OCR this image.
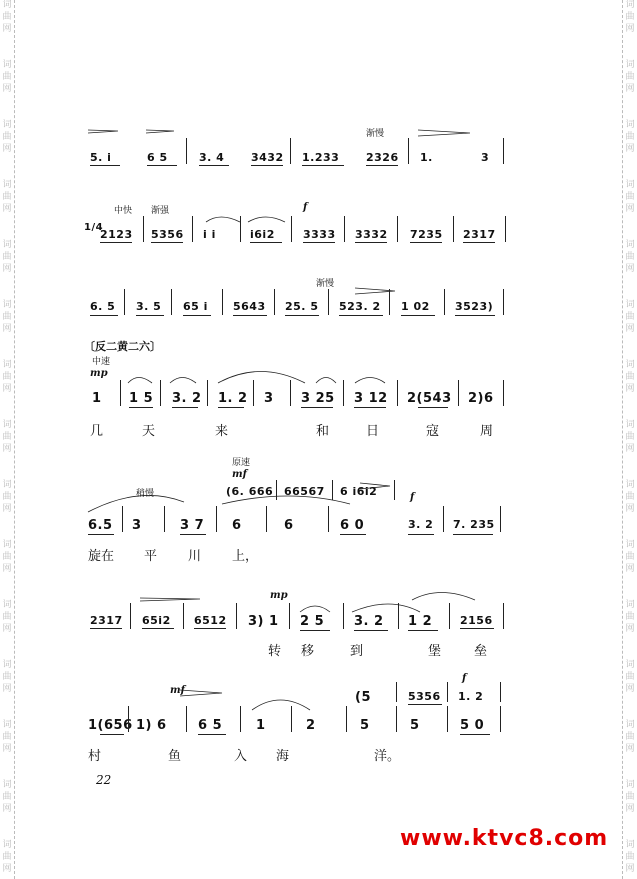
词
曲
网
词
曲
网
词
曲
网
词
曲
网
词
曲
网
词
曲
网
词
曲
网
词
曲
网
词
曲
网
词
曲
网
词
曲
网
词
曲
网
词
曲
网
词
曲
网
词
曲
网
词
曲
网
词
曲
网
词
曲
网
词
曲
网
词
曲
网
词
曲
网
词
曲
网
词
曲
网
词
曲
网
词
曲
网
词
曲
网
词
曲
网
词
曲
网
词
曲
网
词
曲
网
渐慢
5. i	6 5	3. 4 3432 1.233 2326 1.	3
中快 渐强	f
1/4
2123 5356 i i	i6i2	3333 3332 7235 2317
渐慢
6. 5 3. 5 65 i 5643 25. 5 523. 2 1 02 3523)
〔反二黄二六〕
中速
mp
1 1 5 3. 2 1. 2 3 3 25 3 12 2(543 2)6
几	天	来	和	日	寇	周
稍慢
原速
mf
f
(6. 666 66567 6 i6i2
6.5 3	3 7 6	6	6 0	3. 2 7. 235
旋在 平 川 上，
mp
2317 65i2 6512 3) 1 2 5 3. 2 1 2	2156
转 移	到	堡	垒
mf
f
(5	5356 1. 2
1(656 1) 6 6 5	1	2	5	5	5 0
村	鱼	入 海	洋。
22
www.ktvc8.com
